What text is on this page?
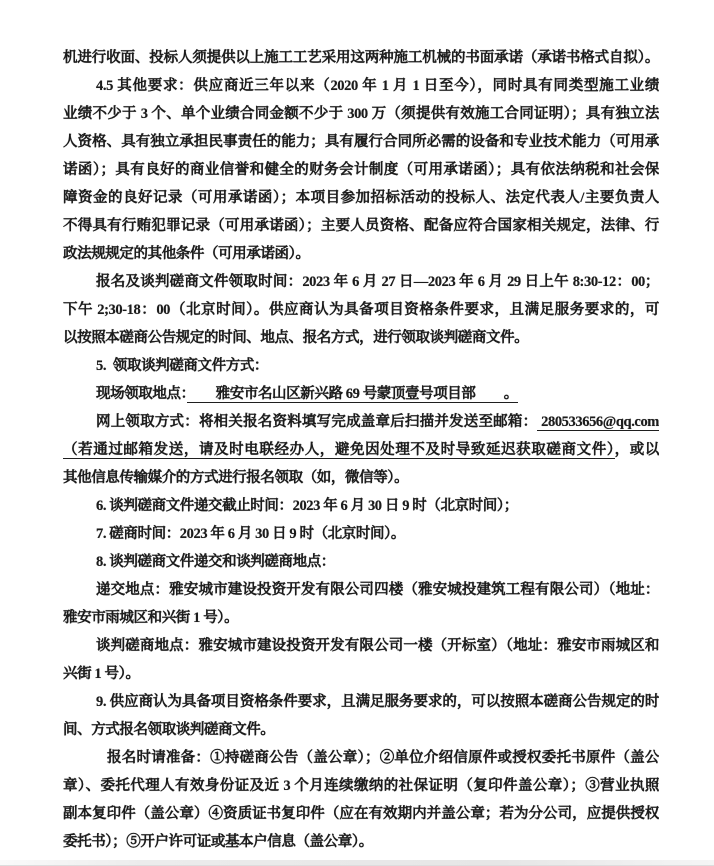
机进行收面、投标人须提供以上施工工艺采用这两种施工机械的书面承诺（承诺书格式自拟）。
4.5 其他要求：供应商近三年以来（2020 年 1 月 1 日至今），同时具有同类型施工业绩
业绩不少于 3 个、单个业绩合同金额不少于 300 万（须提供有效施工合同证明）；具有独立法
人资格、具有独立承担民事责任的能力；具有履行合同所必需的设备和专业技术能力（可用承
诺函）；具有良好的商业信誉和健全的财务会计制度（可用承诺函）；具有依法纳税和社会保
障资金的良好记录（可用承诺函）；本项目参加招标活动的投标人、法定代表人/主要负责人
不得具有行贿犯罪记录（可用承诺函）；主要人员资格、配备应符合国家相关规定，法律、行
政法规规定的其他条件（可用承诺函）。
报名及谈判磋商文件领取时间：2023 年 6 月 27 日—2023 年 6 月 29 日上午 8:30-12：00；
下午 2;30-18：00（北京时间）。供应商认为具备项目资格条件要求，且满足服务要求的，可
以按照本磋商公告规定的时间、地点、报名方式，进行领取谈判磋商文件。
5. 领取谈判磋商文件方式：
现场领取地点：　　雅安市名山区新兴路 69 号蒙顶壹号项目部　　。
网上领取方式：将相关报名资料填写完成盖章后扫描并发送至邮箱： 280533656@qq.com
（若通过邮箱发送，请及时电联经办人，避免因处理不及时导致延迟获取磋商文件），或以
其他信息传输媒介的方式进行报名领取（如，微信等）。
6. 谈判磋商文件递交截止时间：2023 年 6 月 30 日 9 时（北京时间）；
7. 磋商时间：2023 年 6 月 30 日 9 时（北京时间）。
8. 谈判磋商文件递交和谈判磋商地点：
递交地点：雅安城市建设投资开发有限公司四楼（雅安城投建筑工程有限公司）（地址：
雅安市雨城区和兴街 1 号）。
谈判磋商地点：雅安城市建设投资开发有限公司一楼（开标室）（地址：雅安市雨城区和
兴街 1 号）。
9. 供应商认为具备项目资格条件要求，且满足服务要求的，可以按照本磋商公告规定的时
间、方式报名领取谈判磋商文件。
报名时请准备：①持磋商公告（盖公章）；②单位介绍信原件或授权委托书原件（盖公
章）、委托代理人有效身份证及近 3 个月连续缴纳的社保证明（复印件盖公章）；③营业执照
副本复印件（盖公章）④资质证书复印件（应在有效期内并盖公章；若为分公司，应提供授权
委托书）；⑤开户许可证或基本户信息（盖公章）。
